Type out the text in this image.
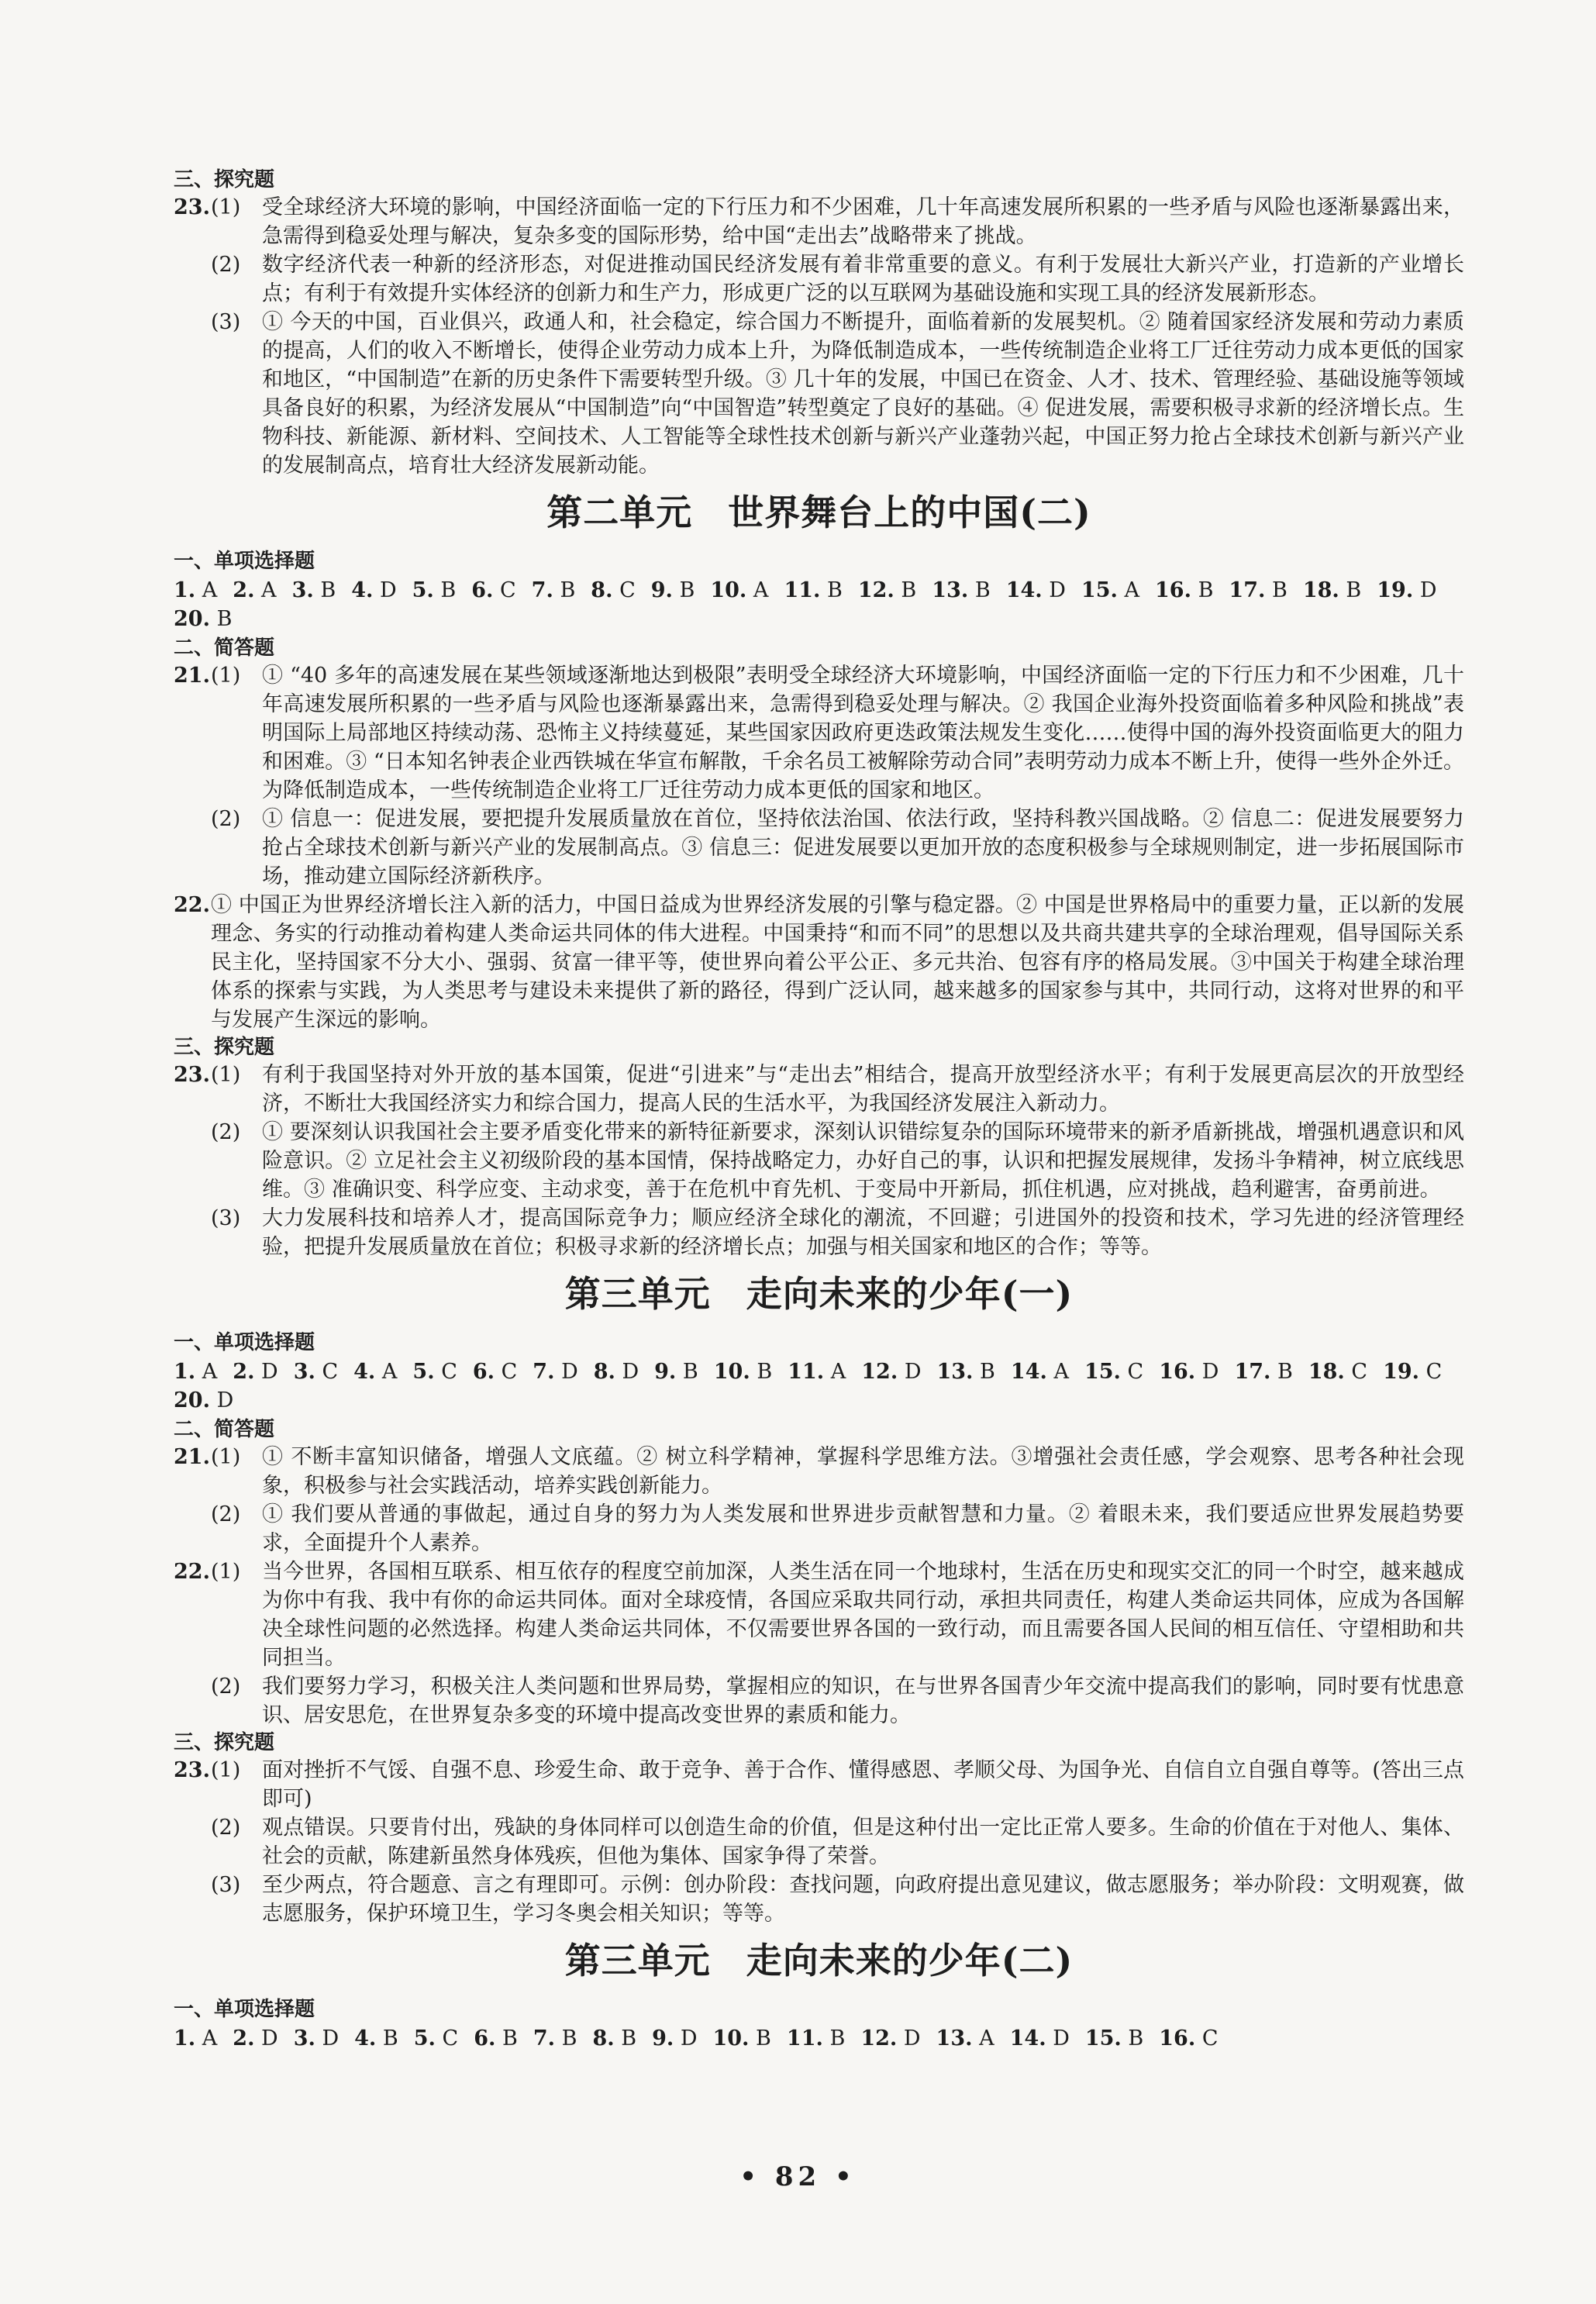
三、探究题
23. (1)	受全球经济大环境的影响，中国经济面临一定的下行压力和不少困难，几十年高速发展所积累的一些矛盾与风险也逐渐暴露出来，急需得到稳妥处理与解决，复杂多变的国际形势，给中国“走出去”战略带来了挑战。
(2)	数字经济代表一种新的经济形态，对促进推动国民经济发展有着非常重要的意义。有利于发展壮大新兴产业，打造新的产业增长点；有利于有效提升实体经济的创新力和生产力，形成更广泛的以互联网为基础设施和实现工具的经济发展新形态。
(3)	① 今天的中国，百业俱兴，政通人和，社会稳定，综合国力不断提升，面临着新的发展契机。② 随着国家经济发展和劳动力素质的提高，人们的收入不断增长，使得企业劳动力成本上升，为降低制造成本，一些传统制造企业将工厂迁往劳动力成本更低的国家和地区，“中国制造”在新的历史条件下需要转型升级。③ 几十年的发展，中国已在资金、人才、技术、管理经验、基础设施等领域具备良好的积累，为经济发展从“中国制造”向“中国智造”转型奠定了良好的基础。④ 促进发展，需要积极寻求新的经济增长点。生物科技、新能源、新材料、空间技术、人工智能等全球性技术创新与新兴产业蓬勃兴起，中国正努力抢占全球技术创新与新兴产业的发展制高点，培育壮大经济发展新动能。
第二单元 世界舞台上的中国(二)
一、单项选择题
1. A 2. A 3. B 4. D 5. B 6. C 7. B 8. C 9. B 10. A 11. B 12. B 13. B 14. D 15. A 16. B 17. B 18. B 19. D20. B
二、简答题
21. (1)	① “40 多年的高速发展在某些领域逐渐地达到极限”表明受全球经济大环境影响，中国经济面临一定的下行压力和不少困难，几十年高速发展所积累的一些矛盾与风险也逐渐暴露出来，急需得到稳妥处理与解决。② 我国企业海外投资面临着多种风险和挑战”表明国际上局部地区持续动荡、恐怖主义持续蔓延，某些国家因政府更迭政策法规发生变化……使得中国的海外投资面临更大的阻力和困难。③ “日本知名钟表企业西铁城在华宣布解散，千余名员工被解除劳动合同”表明劳动力成本不断上升，使得一些外企外迁。为降低制造成本，一些传统制造企业将工厂迁往劳动力成本更低的国家和地区。
(2)	① 信息一：促进发展，要把提升发展质量放在首位，坚持依法治国、依法行政，坚持科教兴国战略。② 信息二：促进发展要努力抢占全球技术创新与新兴产业的发展制高点。③ 信息三：促进发展要以更加开放的态度积极参与全球规则制定，进一步拓展国际市场，推动建立国际经济新秩序。
22. ① 中国正为世界经济增长注入新的活力，中国日益成为世界经济发展的引擎与稳定器。② 中国是世界格局中的重要力量，正以新的发展理念、务实的行动推动着构建人类命运共同体的伟大进程。中国秉持“和而不同”的思想以及共商共建共享的全球治理观，倡导国际关系民主化，坚持国家不分大小、强弱、贫富一律平等，使世界向着公平公正、多元共治、包容有序的格局发展。③中国关于构建全球治理体系的探索与实践，为人类思考与建设未来提供了新的路径，得到广泛认同，越来越多的国家参与其中，共同行动，这将对世界的和平与发展产生深远的影响。
三、探究题
23. (1)	有利于我国坚持对外开放的基本国策，促进“引进来”与“走出去”相结合，提高开放型经济水平；有利于发展更高层次的开放型经济，不断壮大我国经济实力和综合国力，提高人民的生活水平，为我国经济发展注入新动力。
(2)	① 要深刻认识我国社会主要矛盾变化带来的新特征新要求，深刻认识错综复杂的国际环境带来的新矛盾新挑战，增强机遇意识和风险意识。② 立足社会主义初级阶段的基本国情，保持战略定力，办好自己的事，认识和把握发展规律，发扬斗争精神，树立底线思维。③ 准确识变、科学应变、主动求变，善于在危机中育先机、于变局中开新局，抓住机遇，应对挑战，趋利避害，奋勇前进。
(3)	大力发展科技和培养人才，提高国际竞争力；顺应经济全球化的潮流，不回避；引进国外的投资和技术，学习先进的经济管理经验，把提升发展质量放在首位；积极寻求新的经济增长点；加强与相关国家和地区的合作；等等。
第三单元 走向未来的少年(一)
一、单项选择题
1. A 2. D 3. C 4. A 5. C 6. C 7. D 8. D 9. B 10. B 11. A 12. D 13. B 14. A 15. C 16. D 17. B 18. C 19. C20. D
二、简答题
21. (1)	① 不断丰富知识储备，增强人文底蕴。② 树立科学精神，掌握科学思维方法。③增强社会责任感，学会观察、思考各种社会现象，积极参与社会实践活动，培养实践创新能力。
(2)	① 我们要从普通的事做起，通过自身的努力为人类发展和世界进步贡献智慧和力量。② 着眼未来，我们要适应世界发展趋势要求，全面提升个人素养。
22. (1)	当今世界，各国相互联系、相互依存的程度空前加深，人类生活在同一个地球村，生活在历史和现实交汇的同一个时空，越来越成为你中有我、我中有你的命运共同体。面对全球疫情，各国应采取共同行动，承担共同责任，构建人类命运共同体，应成为各国解决全球性问题的必然选择。构建人类命运共同体，不仅需要世界各国的一致行动，而且需要各国人民间的相互信任、守望相助和共同担当。
(2)	我们要努力学习，积极关注人类问题和世界局势，掌握相应的知识，在与世界各国青少年交流中提高我们的影响，同时要有忧患意识、居安思危，在世界复杂多变的环境中提高改变世界的素质和能力。
三、探究题
23. (1)	面对挫折不气馁、自强不息、珍爱生命、敢于竞争、善于合作、懂得感恩、孝顺父母、为国争光、自信自立自强自尊等。(答出三点即可)
(2)	观点错误。只要肯付出，残缺的身体同样可以创造生命的价值，但是这种付出一定比正常人要多。生命的价值在于对他人、集体、社会的贡献，陈建新虽然身体残疾，但他为集体、国家争得了荣誉。
(3)	至少两点，符合题意、言之有理即可。示例：创办阶段：查找问题，向政府提出意见建议，做志愿服务；举办阶段：文明观赛，做志愿服务，保护环境卫生，学习冬奥会相关知识；等等。
第三单元 走向未来的少年(二)
一、单项选择题
1. A 2. D 3. D 4. B 5. C 6. B 7. B 8. B 9. D 10. B 11. B 12. D 13. A 14. D 15. B 16. C
• 82 •
